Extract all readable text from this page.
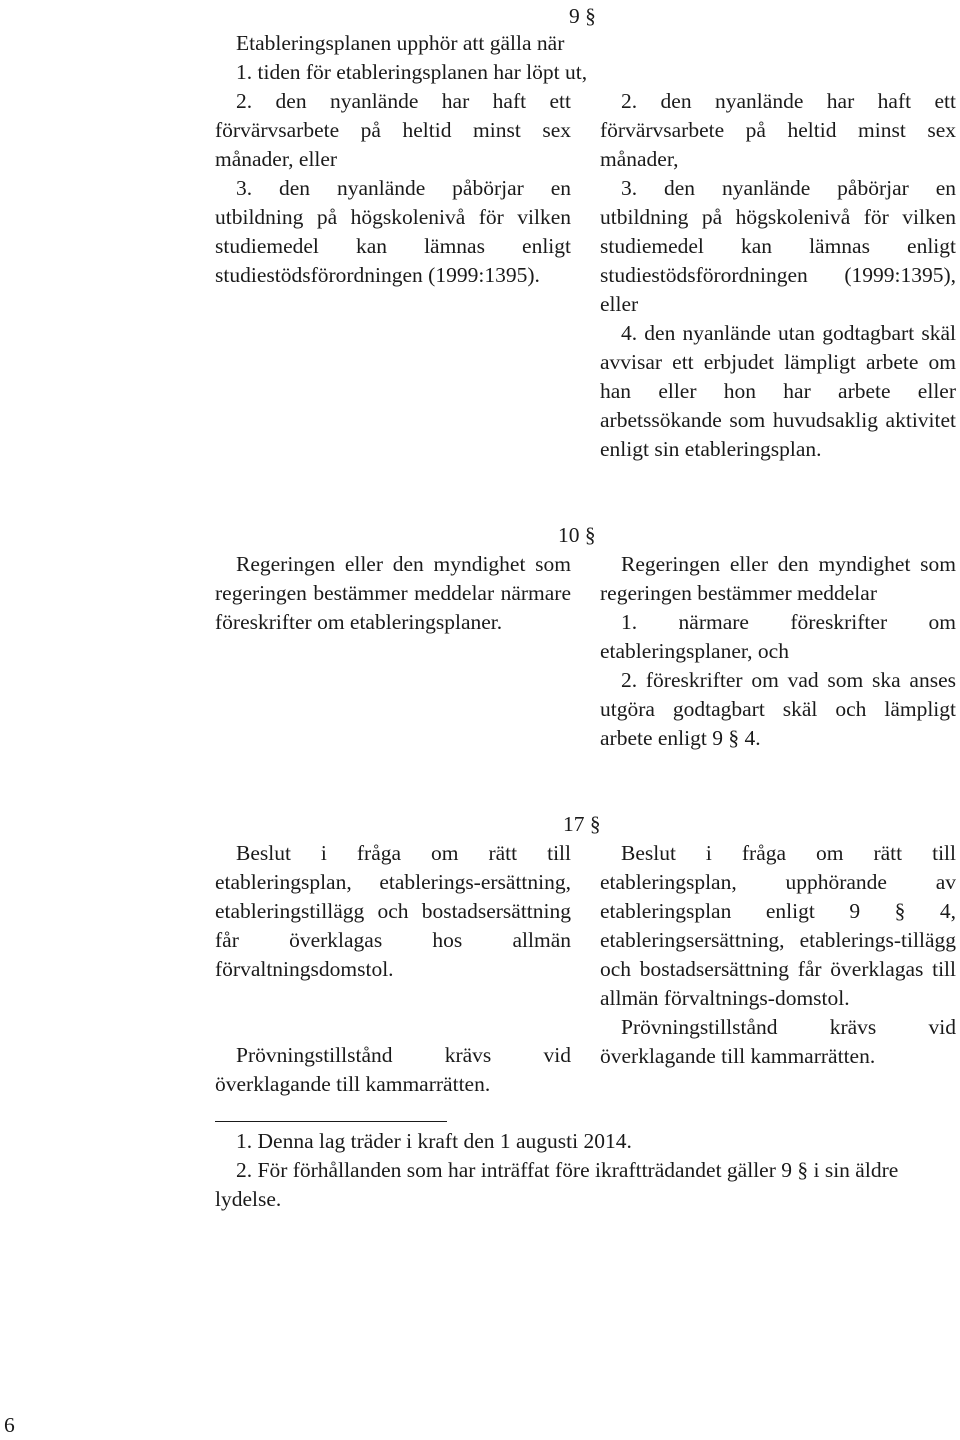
9 §
Etableringsplanen upphör att gälla när
1. tiden för etableringsplanen har löpt ut,

2. den nyanlände har haft ett förvärvsarbete på heltid minst sex månader, eller

3. den nyanlände påbörjar en utbildning på högskolenivå för vilken studiemedel kan lämnas enligt studiestödsförordningen (1999:1395).

2. den nyanlände har haft ett förvärvsarbete på heltid minst sex månader,

3. den nyanlände påbörjar en utbildning på högskolenivå för vilken studiemedel kan lämnas enligt studiestödsförordningen (1999:1395), eller

4. den nyanlände utan godtagbart skäl avvisar ett erbjudet lämpligt arbete om han eller hon har arbete eller arbetssökande som huvudsaklig aktivitet enligt sin etableringsplan.

10 §

Regeringen eller den myndighet som regeringen bestämmer meddelar närmare föreskrifter om etableringsplaner.

Regeringen eller den myndighet som regeringen bestämmer meddelar

1. närmare föreskrifter om etableringsplaner, och

2. föreskrifter om vad som ska anses utgöra godtagbart skäl och lämpligt arbete enligt 9 § 4.

17 §

Beslut i fråga om rätt till etableringsplan, etablerings-ersättning, etableringstillägg och bostadsersättning får överklagas hos allmän förvaltningsdomstol.

Prövningstillstånd krävs vid överklagande till kammarrätten.

Beslut i fråga om rätt till etableringsplan, upphörande av etableringsplan enligt 9 § 4, etableringsersättning, etablerings-tillägg och bostadsersättning får överklagas till allmän förvaltnings-domstol.

Prövningstillstånd krävs vid överklagande till kammarrätten.

1. Denna lag träder i kraft den 1 augusti 2014.

2. För förhållanden som har inträffat före ikraftträdandet gäller 9 § i sin äldre lydelse.

6
